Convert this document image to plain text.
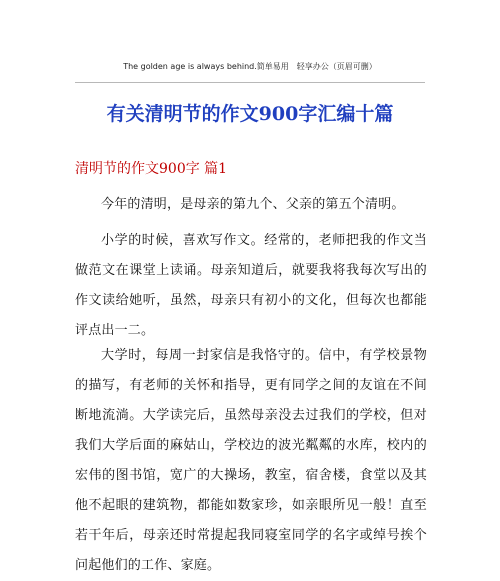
The golden age is always behind.简单易用　轻享办公（页眉可删）
有关清明节的作文900字汇编十篇
清明节的作文900字 篇1
今年的清明，是母亲的第九个、父亲的第五个清明。
小学的时候，喜欢写作文。经常的，老师把我的作文当做范文在课堂上读诵。母亲知道后，就要我将我每次写出的作文读给她听，虽然，母亲只有初小的文化，但每次也都能评点出一二。
大学时，每周一封家信是我恪守的。信中，有学校景物的描写，有老师的关怀和指导，更有同学之间的友谊在不间断地流淌。大学读完后，虽然母亲没去过我们的学校，但对我们大学后面的麻姑山，学校边的波光粼粼的水库，校内的宏伟的图书馆，宽广的大操场，教室，宿舍楼，食堂以及其他不起眼的建筑物，都能如数家珍，如亲眼所见一般！直至若干年后，母亲还时常提起我同寝室同学的名字或绰号挨个问起他们的工作、家庭。
